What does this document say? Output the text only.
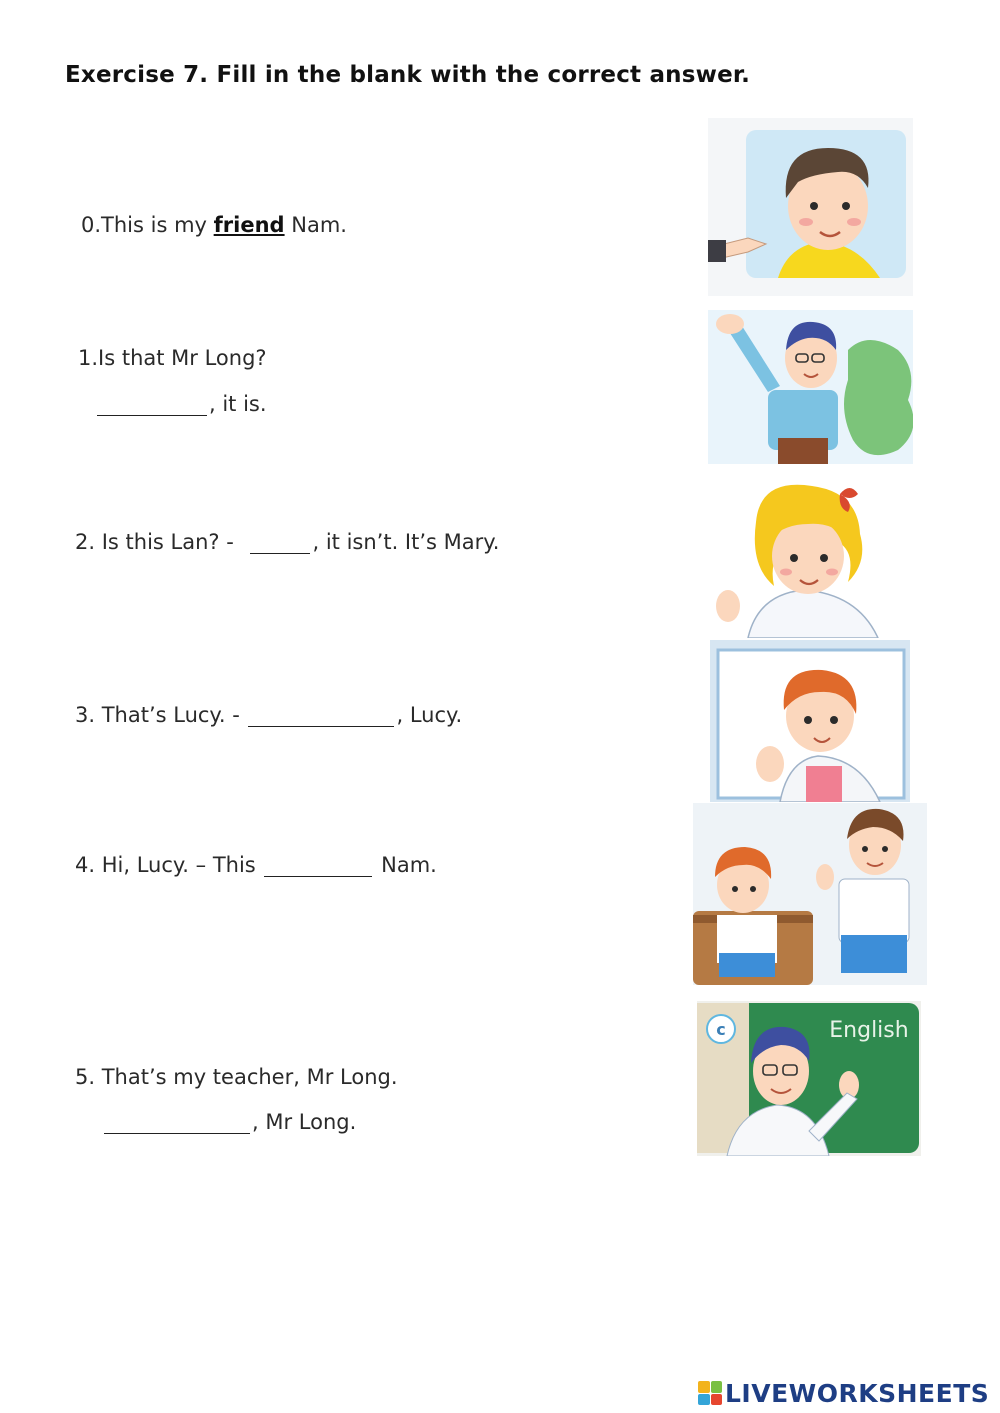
Exercise 7. Fill in the blank with the correct answer.
0.This is my friend Nam.
1.Is that Mr Long?
, it is.
2. Is this Lan? -	, it isn’t. It’s Mary.
3. That’s Lucy. -	, Lucy.
4. Hi, Lucy. – This	Nam.
5. That’s my teacher, Mr Long.
, Mr Long.
c	English
LIVEWORKSHEETS
